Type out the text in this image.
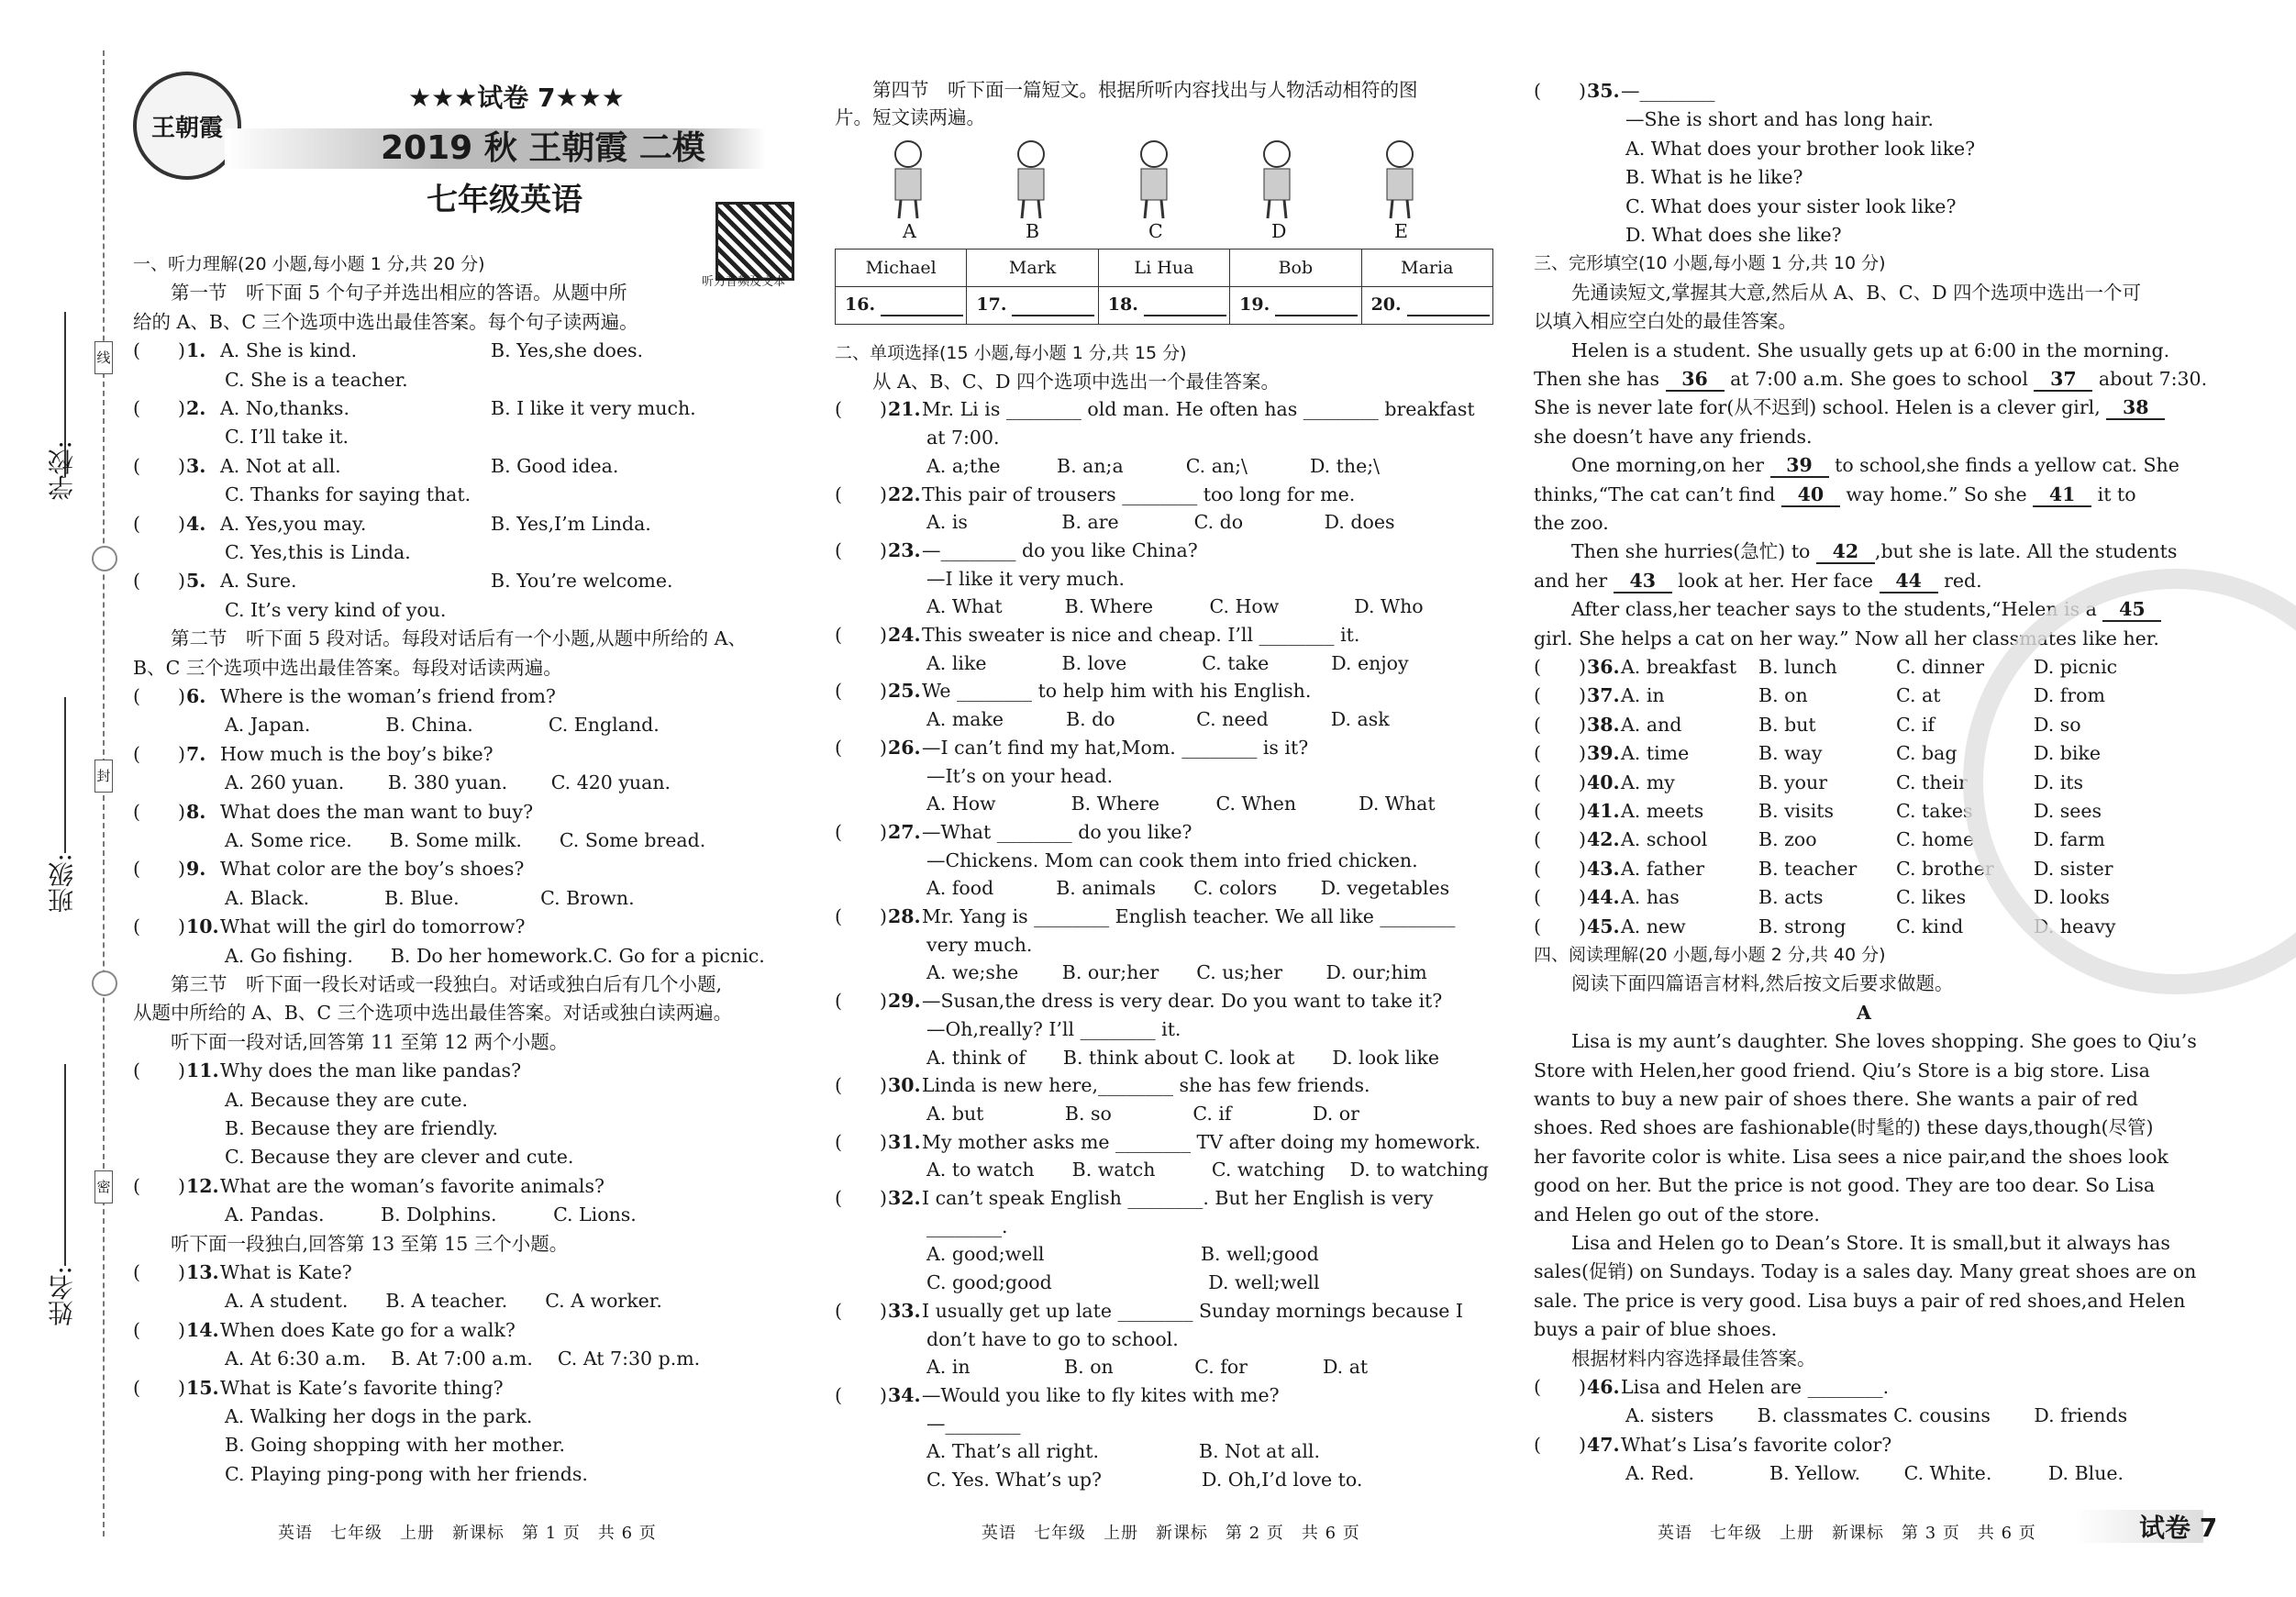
线
封
密
学校:
班级:
姓名:
王朝霞
★★★试卷 7★★★
2019 秋 王朝霞 二模
七年级英语
听力音频及文本
一、听力理解(20 小题,每小题 1 分,共 20 分)
　　第一节　听下面 5 个句子并选出相应的答语。从题中所
给的 A、B、C 三个选项中选出最佳答案。每个句子读两遍。
(　　) 1. A. She is kind.	B. Yes,she does.
C. She is a teacher.
(　　) 2. A. No,thanks.	B. I like it very much.
C. I’ll take it.
(　　) 3. A. Not at all.	B. Good idea.
C. Thanks for saying that.
(　　) 4. A. Yes,you may.	B. Yes,I’m Linda.
C. Yes,this is Linda.
(　　) 5. A. Sure.	B. You’re welcome.
C. It’s very kind of you.
　　第二节　听下面 5 段对话。每段对话后有一个小题,从题中所给的 A、
B、C 三个选项中选出最佳答案。每段对话读两遍。
(　　) 6. Where is the woman’s friend from?
A. Japan.　　　　B. China.　　　　C. England.
(　　) 7. How much is the boy’s bike?
A. 260 yuan.　　 B. 380 yuan.　　 C. 420 yuan.
(　　) 8. What does the man want to buy?
A. Some rice.　　B. Some milk.　　C. Some bread.
(　　) 9. What color are the boy’s shoes?
A. Black.　　　　B. Blue.　　　　 C. Brown.
(　　) 10. What will the girl do tomorrow?
A. Go fishing.　　B. Do her homework.C. Go for a picnic.
　　第三节　听下面一段长对话或一段独白。对话或独白后有几个小题,
从题中所给的 A、B、C 三个选项中选出最佳答案。对话或独白读两遍。
　　听下面一段对话,回答第 11 至第 12 两个小题。
(　　) 11. Why does the man like pandas?
A. Because they are cute.
B. Because they are friendly.
C. Because they are clever and cute.
(　　) 12. What are the woman’s favorite animals?
A. Pandas.　　　B. Dolphins.　　　C. Lions.
　　听下面一段独白,回答第 13 至第 15 三个小题。
(　　) 13. What is Kate?
A. A student.　　B. A teacher.　　C. A worker.
(　　) 14. When does Kate go for a walk?
A. At 6:30 a.m.　 B. At 7:00 a.m.　 C. At 7:30 p.m.
(　　) 15. What is Kate’s favorite thing?
A. Walking her dogs in the park.
B. Going shopping with her mother.
C. Playing ping-pong with her friends.
英语　七年级　上册　新课标　第 1 页　共 6 页
　　第四节　听下面一篇短文。根据所听内容找出与人物活动相符的图
片。短文读两遍。
A	B	C	D	E
Michael	Mark	Li Hua	Bob	Maria
16.	17.	18.	19.	20.
二、单项选择(15 小题,每小题 1 分,共 15 分)
　　从 A、B、C、D 四个选项中选出一个最佳答案。
(　　) 21. Mr. Li is ________ old man. He often has ________ breakfast
at 7:00.
A. a;the　　　B. an;a　　　 C. an;\　　　 D. the;\
(　　) 22. This pair of trousers ________ too long for me.
A. is　　　　　B. are　　　　C. do　　　　 D. does
(　　) 23. —________ do you like China?
—I like it very much.
A. What　　　 B. Where　　　C. How　　　　D. Who
(　　) 24. This sweater is nice and cheap. I’ll ________ it.
A. like　　　　B. love　　　　C. take　　　 D. enjoy
(　　) 25. We ________ to help him with his English.
A. make　　　 B. do　　　　 C. need　　　 D. ask
(　　) 26. —I can’t find my hat,Mom. ________ is it?
—It’s on your head.
A. How　　　　B. Where　　　C. When　　　 D. What
(　　) 27. —What ________ do you like?
—Chickens. Mom can cook them into fried chicken.
A. food　　　 B. animals　　C. colors　　 D. vegetables
(　　) 28. Mr. Yang is ________ English teacher. We all like ________
very much.
A. we;she　　 B. our;her　　C. us;her　　 D. our;him
(　　) 29. —Susan,the dress is very dear. Do you want to take it?
—Oh,really? I’ll ________ it.
A. think of　　B. think about C. look at　　D. look like
(　　) 30. Linda is new here,________ she has few friends.
A. but　　　　 B. so　　　　 C. if　　　　 D. or
(　　) 31. My mother asks me ________ TV after doing my homework.
A. to watch　　B. watch　　　C. watching　 D. to watching
(　　) 32. I can’t speak English ________. But her English is very
________.
A. good;well　　　　　　　　 B. well;good
C. good;good　　　　　　　　 D. well;well
(　　) 33. I usually get up late ________ Sunday mornings because I
don’t have to go to school.
A. in　　　　　B. on　　　　 C. for　　　　D. at
(　　) 34. —Would you like to fly kites with me?
—________
A. That’s all right.　　　　　 B. Not at all.
C. Yes. What’s up?　　　　　 D. Oh,I’d love to.
英语　七年级　上册　新课标　第 2 页　共 6 页
(　　) 35. —________
—She is short and has long hair.
A. What does your brother look like?
B. What is he like?
C. What does your sister look like?
D. What does she like?
三、完形填空(10 小题,每小题 1 分,共 10 分)
　　先通读短文,掌握其大意,然后从 A、B、C、D 四个选项中选出一个可
以填入相应空白处的最佳答案。
　　Helen is a student. She usually gets up at 6:00 in the morning.
Then she has 36 at 7:00 a.m. She goes to school 37 about 7:30.
She is never late for(从不迟到) school. Helen is a clever girl, 38
she doesn’t have any friends.
　　One morning,on her 39 to school,she finds a yellow cat. She
thinks,“The cat can’t find 40 way home.” So she 41 it to
the zoo.
　　Then she hurries(急忙) to 42 ,but she is late. All the students
and her 43 look at her. Her face 44 red.
　　After class,her teacher says to the students,“Helen is a 45
girl. She helps a cat on her way.” Now all her classmates like her.
(　　) 36. A. breakfast B. lunch	C. dinner	D. picnic
(　　) 37. A. in	B. on	C. at	D. from
(　　) 38. A. and	B. but	C. if	D. so
(　　) 39. A. time	B. way	C. bag	D. bike
(　　) 40. A. my	B. your	C. their	D. its
(　　) 41. A. meets	B. visits	C. takes	D. sees
(　　) 42. A. school	B. zoo	C. home	D. farm
(　　) 43. A. father	B. teacher C. brother D. sister
(　　) 44. A. has	B. acts	C. likes	D. looks
(　　) 45. A. new	B. strong	C. kind	D. heavy
四、阅读理解(20 小题,每小题 2 分,共 40 分)
　　阅读下面四篇语言材料,然后按文后要求做题。
A
　　Lisa is my aunt’s daughter. She loves shopping. She goes to Qiu’s
Store with Helen,her good friend. Qiu’s Store is a big store. Lisa
wants to buy a new pair of shoes there. She wants a pair of red
shoes. Red shoes are fashionable(时髦的) these days,though(尽管)
her favorite color is white. Lisa sees a nice pair,and the shoes look
good on her. But the price is not good. They are too dear. So Lisa
and Helen go out of the store.
　　Lisa and Helen go to Dean’s Store. It is small,but it always has
sales(促销) on Sundays. Today is a sales day. Many great shoes are on
sale. The price is very good. Lisa buys a pair of red shoes,and Helen
buys a pair of blue shoes.
　　根据材料内容选择最佳答案。
(　　) 46. Lisa and Helen are ________.
A. sisters　　 B. classmates C. cousins　　 D. friends
(　　) 47. What’s Lisa’s favorite color?
A. Red.　　　　B. Yellow.　　 C. White.　　　D. Blue.
英语　七年级　上册　新课标　第 3 页　共 6 页	试卷 7
